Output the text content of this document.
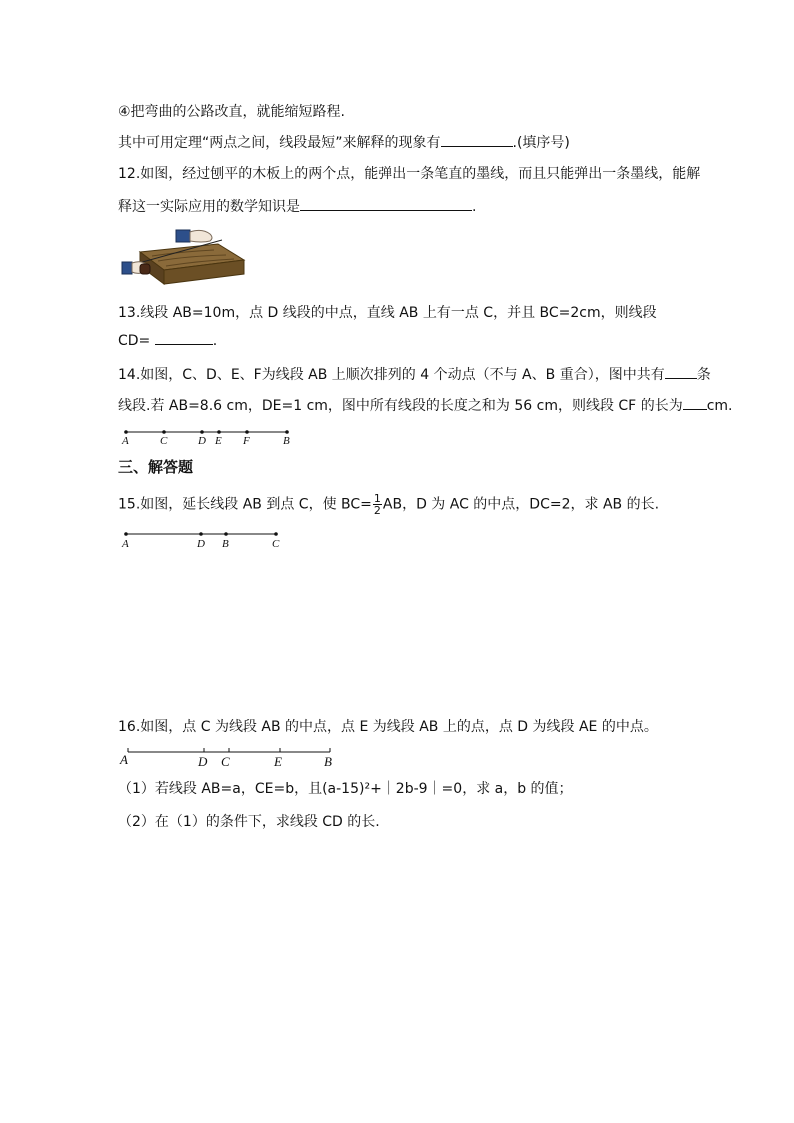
④把弯曲的公路改直，就能缩短路程.
其中可用定理“两点之间，线段最短”来解释的现象有	.(填序号)
12.如图，经过刨平的木板上的两个点，能弹出一条笔直的墨线，而且只能弹出一条墨线，能解
释这一实际应用的数学知识是	.
13.线段 AB=10m，点 D 线段的中点，直线 AB 上有一点 C，并且 BC=2cm，则线段
CD=	.
14.如图，C、D、E、F为线段 AB 上顺次排列的 4 个动点（不与 A、B 重合），图中共有 条
线段.若 AB=8.6 cm，DE=1 cm，图中所有线段的长度之和为 56 cm，则线段 CF 的长为 cm.
A	C	D E F	B
三、解答题
15.如图，延长线段 AB 到点 C，使 $BC= \frac{1}{2}$ AB，D 为 AC 的中点，DC=2，求 AB 的长.
A	D B	C
16.如图，点 C 为线段 AB 的中点，点 E 为线段 AB 上的点，点 D 为线段 AE 的中点。
A	D C	E	B
（1）若线段 AB=a，CE=b，且(a-15)²+｜2b-9｜=0，求 a，b 的值；
（2）在（1）的条件下，求线段 CD 的长.
